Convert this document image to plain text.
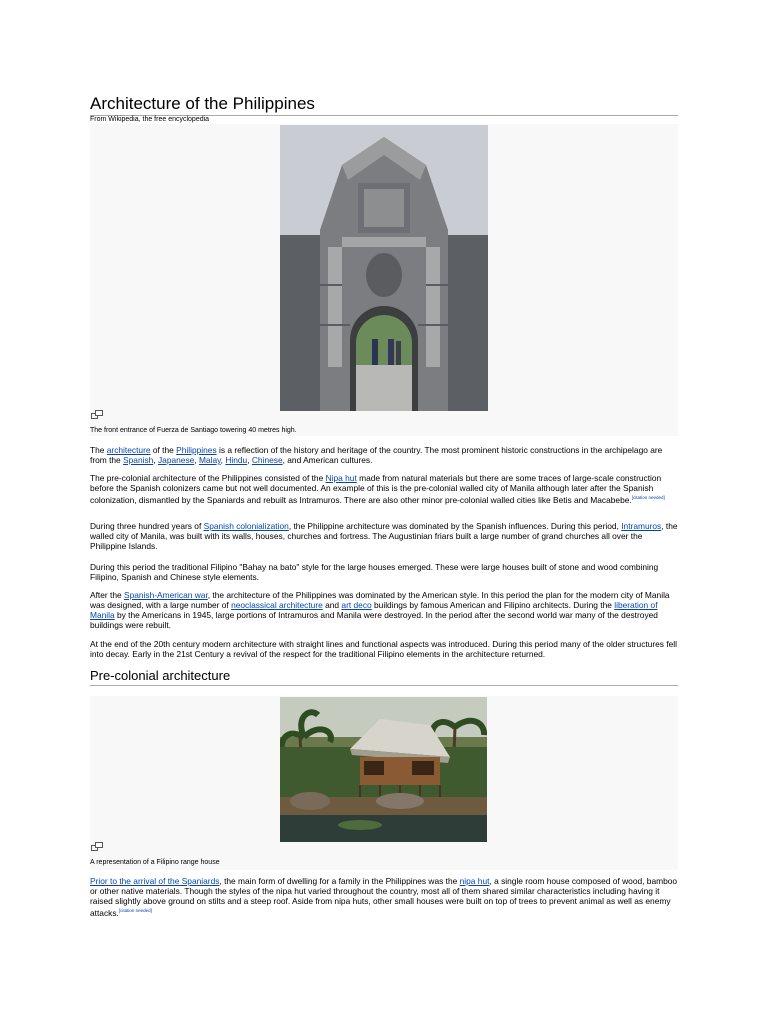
Architecture of the Philippines
From Wikipedia, the free encyclopedia
The front entrance of Fuerza de Santiago towering 40 metres high.

The architecture of the Philippines is a reflection of the history and heritage of the country. The most prominent historic constructions in the archipelago are from the Spanish, Japanese, Malay, Hindu, Chinese, and American cultures.

The pre-colonial architecture of the Philippines consisted of the Nipa hut made from natural materials but there are some traces of large-scale construction before the Spanish colonizers came but not well documented. An example of this is the pre-colonial walled city of Manila although later after the Spanish colonization, dismantled by the Spaniards and rebuilt as Intramuros. There are also other minor pre-colonial walled cities like Betis and Macabebe.[citation needed]

During three hundred years of Spanish colonialization, the Philippine architecture was dominated by the Spanish influences. During this period, Intramuros, the walled city of Manila, was built with its walls, houses, churches and fortress. The Augustinian friars built a large number of grand churches all over the Philippine Islands.

During this period the traditional Filipino "Bahay na bato" style for the large houses emerged. These were large houses built of stone and wood combining Filipino, Spanish and Chinese style elements.

After the Spanish-American war, the architecture of the Philippines was dominated by the American style. In this period the plan for the modern city of Manila was designed, with a large number of neoclassical architecture and art deco buildings by famous American and Filipino architects. During the liberation of Manila by the Americans in 1945, large portions of Intramuros and Manila were destroyed. In the period after the second world war many of the destroyed buildings were rebuilt.

At the end of the 20th century modern architecture with straight lines and functional aspects was introduced. During this period many of the older structures fell into decay. Early in the 21st Century a revival of the respect for the traditional Filipino elements in the architecture returned.

Pre-colonial architecture
A representation of a Filipino range house

Prior to the arrival of the Spaniards, the main form of dwelling for a family in the Philippines was the nipa hut, a single room house composed of wood, bamboo or other native materials. Though the styles of the nipa hut varied throughout the country, most all of them shared similar characteristics including having it raised slightly above ground on stilts and a steep roof. Aside from nipa huts, other small houses were built on top of trees to prevent animal as well as enemy attacks.[citation needed]
